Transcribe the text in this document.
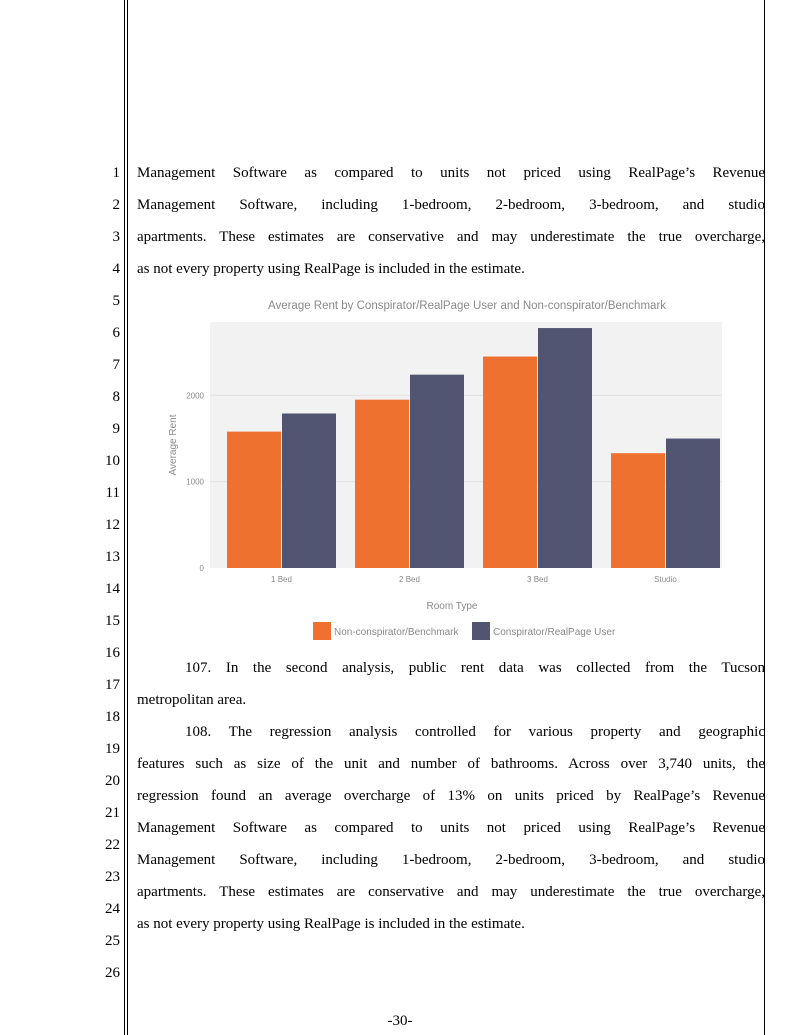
1
2
3
4
5
6
7
8
9
10
11
12
13
14
15
16
17
18
19
20
21
22
23
24
25
26
Management Software as compared to units not priced using RealPage’s Revenue
Management Software, including 1-bedroom, 2-bedroom, 3-bedroom, and studio
apartments. These estimates are conservative and may underestimate the true overcharge,
as not every property using RealPage is included in the estimate.
Average Rent by Conspirator/RealPage User and Non-conspirator/Benchmark
0
1000
2000
1 Bed	2 Bed	3 Bed	Studio
Average Rent
Room Type
Non-conspirator/Benchmark	Conspirator/RealPage User
107. In the second analysis, public rent data was collected from the Tucson
metropolitan area.
108. The regression analysis controlled for various property and geographic
features such as size of the unit and number of bathrooms. Across over 3,740 units, the
regression found an average overcharge of 13% on units priced by RealPage’s Revenue
Management Software as compared to units not priced using RealPage’s Revenue
Management Software, including 1-bedroom, 2-bedroom, 3-bedroom, and studio
apartments. These estimates are conservative and may underestimate the true overcharge,
as not every property using RealPage is included in the estimate.
-30-
